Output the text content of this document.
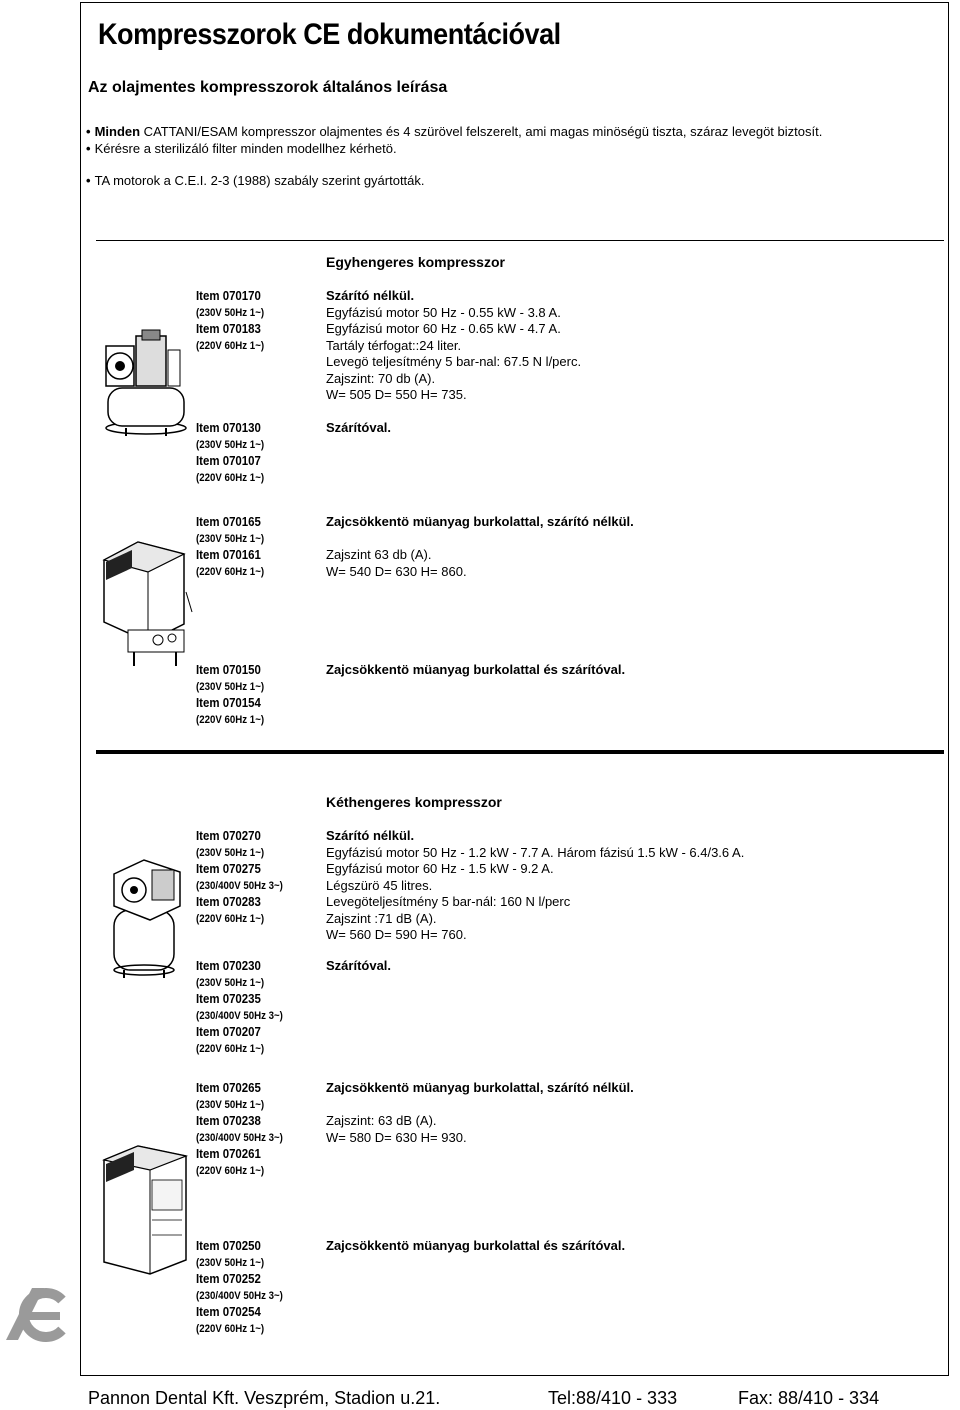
Kompresszorok CE dokumentációval
Az olajmentes kompresszorok általános leírása
• Minden CATTANI/ESAM kompresszor olajmentes és 4 szürövel felszerelt, ami magas minöségü tiszta, száraz levegöt biztosít.
• Kérésre a sterilizáló filter minden modellhez kérhetö.
• TA motorok a C.E.I. 2-3 (1988) szabály szerint gyártották.
Egyhengeres kompresszor
Item 070170
(230V 50Hz 1~)
Item 070183
(220V 60Hz 1~)
Szárító nélkül.
Egyfázisú motor 50 Hz - 0.55 kW - 3.8 A.
Egyfázisú motor 60 Hz - 0.65 kW - 4.7 A.
Tartály térfogat::24 liter.
Levegö teljesítmény 5 bar-nal: 67.5 N l/perc.
Zajszint: 70 db (A).
W= 505 D= 550 H= 735.
Item 070130
(230V 50Hz 1~)
Item 070107
(220V 60Hz 1~)
Szárítóval.
Item 070165
(230V 50Hz 1~)
Item 070161
(220V 60Hz 1~)
Zajcsökkentö müanyag burkolattal, szárító nélkül.

Zajszint 63 db (A).
W= 540 D= 630 H= 860.
Item 070150
(230V 50Hz 1~)
Item 070154
(220V 60Hz 1~)
Zajcsökkentö müanyag burkolattal és szárítóval.
Kéthengeres kompresszor
Item 070270
(230V 50Hz 1~)
Item 070275
(230/400V 50Hz 3~)
Item 070283
(220V 60Hz 1~)
Szárító nélkül.
Egyfázisú motor 50 Hz - 1.2 kW - 7.7 A. Három fázisú 1.5 kW - 6.4/3.6 A.
Egyfázisú motor 60 Hz - 1.5 kW - 9.2 A.
Légszürö 45 litres.
Levegöteljesítmény 5 bar-nál: 160 N l/perc
Zajszint :71 dB (A).
W= 560 D= 590 H= 760.
Item 070230
(230V 50Hz 1~)
Item 070235
(230/400V 50Hz 3~)
Item 070207
(220V 60Hz 1~)
Szárítóval.
Item 070265
(230V 50Hz 1~)
Item 070238
(230/400V 50Hz 3~)
Item 070261
(220V 60Hz 1~)
Zajcsökkentö müanyag burkolattal, szárító nélkül.

Zajszint: 63 dB (A).
W= 580 D= 630 H= 930.
Item 070250
(230V 50Hz 1~)
Item 070252
(230/400V 50Hz 3~)
Item 070254
(220V 60Hz 1~)
Zajcsökkentö müanyag burkolattal és szárítóval.
Pannon Dental Kft. Veszprém, Stadion u.21.	Tel:88/410 - 333	Fax: 88/410 - 334
